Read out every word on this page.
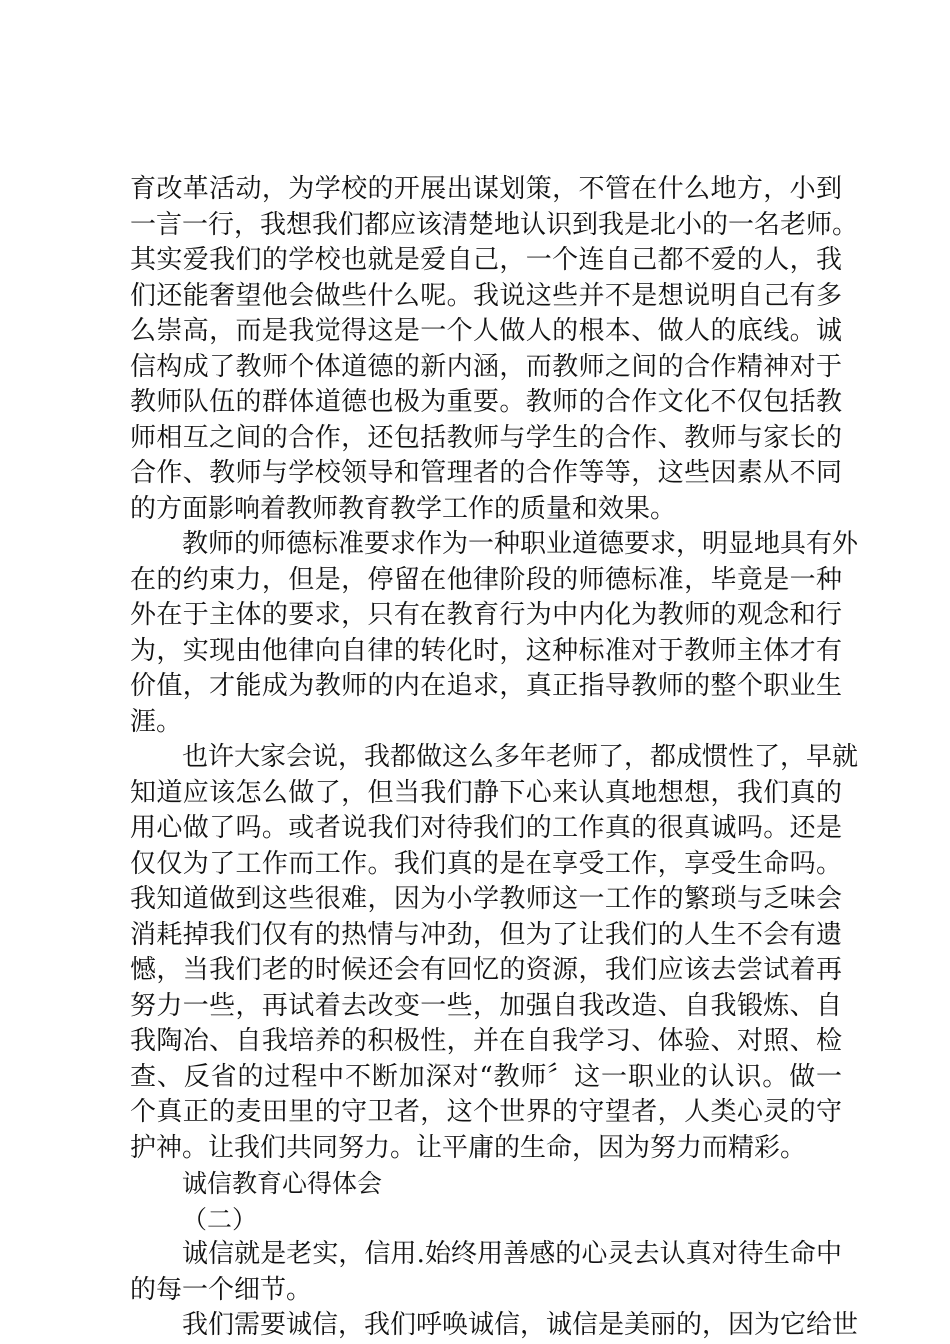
育改革活动，为学校的开展出谋划策，不管在什么地方，小到
一言一行，我想我们都应该清楚地认识到我是北小的一名老师。
其实爱我们的学校也就是爱自己，一个连自己都不爱的人，我
们还能奢望他会做些什么呢。我说这些并不是想说明自己有多
么崇高，而是我觉得这是一个人做人的根本、做人的底线。诚
信构成了教师个体道德的新内涵，而教师之间的合作精神对于
教师队伍的群体道德也极为重要。教师的合作文化不仅包括教
师相互之间的合作，还包括教师与学生的合作、教师与家长的
合作、教师与学校领导和管理者的合作等等，这些因素从不同
的方面影响着教师教育教学工作的质量和效果。
教师的师德标准要求作为一种职业道德要求，明显地具有外
在的约束力，但是，停留在他律阶段的师德标准，毕竟是一种
外在于主体的要求，只有在教育行为中内化为教师的观念和行
为，实现由他律向自律的转化时，这种标准对于教师主体才有
价值，才能成为教师的内在追求，真正指导教师的整个职业生
涯。
也许大家会说，我都做这么多年老师了，都成惯性了，早就
知道应该怎么做了，但当我们静下心来认真地想想，我们真的
用心做了吗。或者说我们对待我们的工作真的很真诚吗。还是
仅仅为了工作而工作。我们真的是在享受工作，享受生命吗。
我知道做到这些很难，因为小学教师这一工作的繁琐与乏味会
消耗掉我们仅有的热情与冲劲，但为了让我们的人生不会有遗
憾，当我们老的时候还会有回忆的资源，我们应该去尝试着再
努力一些，再试着去改变一些，加强自我改造、自我锻炼、自
我陶冶、自我培养的积极性，并在自我学习、体验、对照、检
查、反省的过程中不断加深对“教师〞这一职业的认识。做一
个真正的麦田里的守卫者，这个世界的守望者，人类心灵的守
护神。让我们共同努力。让平庸的生命，因为努力而精彩。
诚信教育心得体会
（二）
诚信就是老实，信用.始终用善感的心灵去认真对待生命中
的每一个细节。
我们需要诚信，我们呼唤诚信，诚信是美丽的，因为它给世
